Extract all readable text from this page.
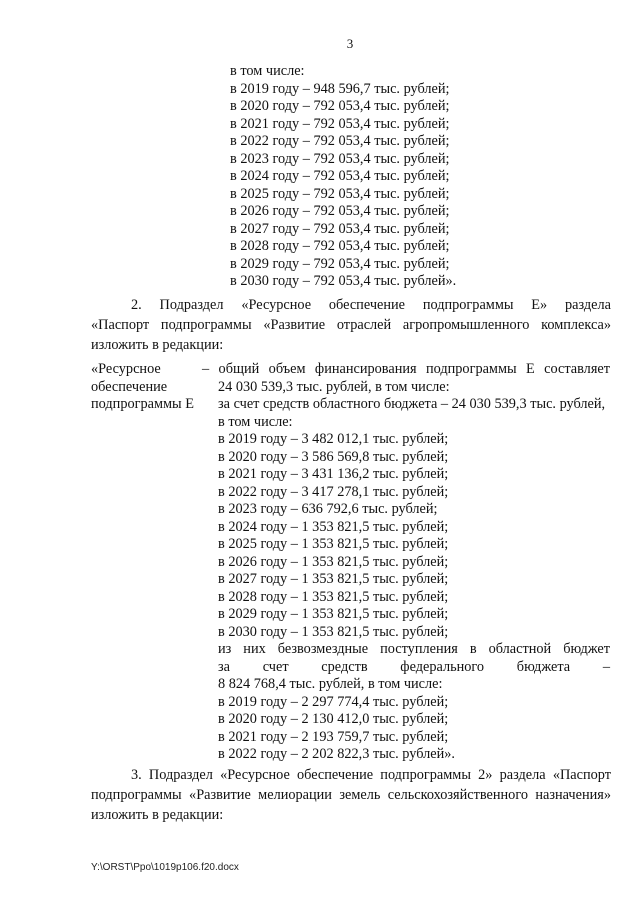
3
в том числе:
в 2019 году – 948 596,7 тыс. рублей;
в 2020 году – 792 053,4 тыс. рублей;
в 2021 году – 792 053,4 тыс. рублей;
в 2022 году – 792 053,4 тыс. рублей;
в 2023 году – 792 053,4 тыс. рублей;
в 2024 году – 792 053,4 тыс. рублей;
в 2025 году – 792 053,4 тыс. рублей;
в 2026 году – 792 053,4 тыс. рублей;
в 2027 году – 792 053,4 тыс. рублей;
в 2028 году – 792 053,4 тыс. рублей;
в 2029 году – 792 053,4 тыс. рублей;
в 2030 году – 792 053,4 тыс. рублей».

2. Подраздел «Ресурсное обеспечение подпрограммы Е» раздела

«Паспорт подпрограммы «Развитие отраслей агропромышленного комплекса»

изложить в редакции:

«Ресурсное
обеспечение
подпрограммы Е
– общий объем финансирования подпрограммы Е составляет
24 030 539,3 тыс. рублей, в том числе:
за счет средств областного бюджета – 24 030 539,3 тыс. рублей,
в том числе:
в 2019 году – 3 482 012,1 тыс. рублей;
в 2020 году – 3 586 569,8 тыс. рублей;
в 2021 году – 3 431 136,2 тыс. рублей;
в 2022 году – 3 417 278,1 тыс. рублей;
в 2023 году – 636 792,6 тыс. рублей;
в 2024 году – 1 353 821,5 тыс. рублей;
в 2025 году – 1 353 821,5 тыс. рублей;
в 2026 году – 1 353 821,5 тыс. рублей;
в 2027 году – 1 353 821,5 тыс. рублей;
в 2028 году – 1 353 821,5 тыс. рублей;
в 2029 году – 1 353 821,5 тыс. рублей;
в 2030 году – 1 353 821,5 тыс. рублей;
из них безвозмездные поступления в областной бюджет
за счет средств федерального бюджета –
8 824 768,4 тыс. рублей, в том числе:
в 2019 году – 2 297 774,4 тыс. рублей;
в 2020 году – 2 130 412,0 тыс. рублей;
в 2021 году – 2 193 759,7 тыс. рублей;
в 2022 году – 2 202 822,3 тыс. рублей».

3. Подраздел «Ресурсное обеспечение подпрограммы 2» раздела «Паспорт

подпрограммы «Развитие мелиорации земель сельскохозяйственного назначения»

изложить в редакции:

Y:\ORST\Ppo\1019p106.f20.docx
